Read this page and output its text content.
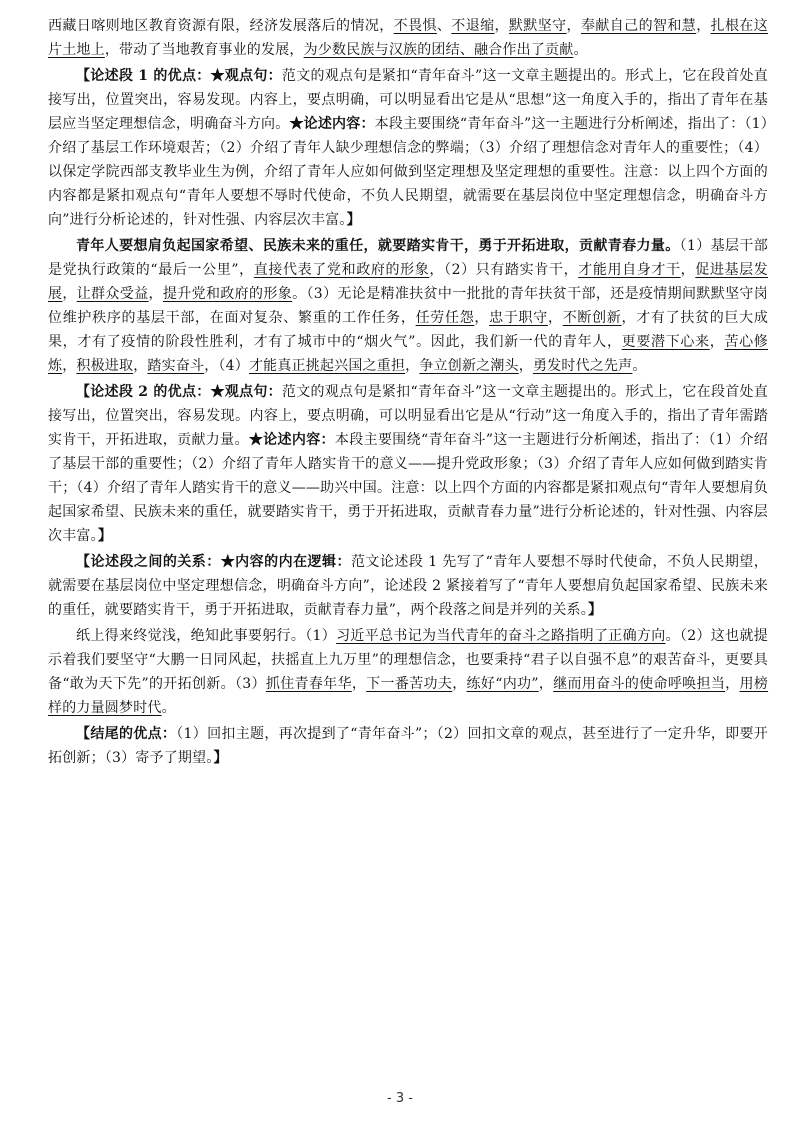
西藏日喀则地区教育资源有限，经济发展落后的情况，不畏惧、不退缩，默默坚守，奉献自己的智和慧，扎根在这片土地上，带动了当地教育事业的发展，为少数民族与汉族的团结、融合作出了贡献。

【论述段 1 的优点：★观点句：范文的观点句是紧扣“青年奋斗”这一文章主题提出的。形式上，它在段首处直接写出，位置突出，容易发现。内容上，要点明确，可以明显看出它是从“思想”这一角度入手的，指出了青年在基层应当坚定理想信念，明确奋斗方向。★论述内容：本段主要围绕“青年奋斗”这一主题进行分析阐述，指出了：（1）介绍了基层工作环境艰苦；（2）介绍了青年人缺少理想信念的弊端；（3）介绍了理想信念对青年人的重要性；（4）以保定学院西部支教毕业生为例，介绍了青年人应如何做到坚定理想及坚定理想的重要性。注意：以上四个方面的内容都是紧扣观点句“青年人要想不辱时代使命，不负人民期望，就需要在基层岗位中坚定理想信念，明确奋斗方向”进行分析论述的，针对性强、内容层次丰富。】

青年人要想肩负起国家希望、民族未来的重任，就要踏实肯干，勇于开拓进取，贡献青春力量。（1）基层干部是党执行政策的“最后一公里”，直接代表了党和政府的形象，（2）只有踏实肯干，才能用自身才干，促进基层发展，让群众受益，提升党和政府的形象。（3）无论是精准扶贫中一批批的青年扶贫干部，还是疫情期间默默坚守岗位维护秩序的基层干部，在面对复杂、繁重的工作任务，任劳任怨，忠于职守，不断创新，才有了扶贫的巨大成果，才有了疫情的阶段性胜利，才有了城市中的“烟火气”。因此，我们新一代的青年人，更要潜下心来，苦心修炼，积极进取，踏实奋斗，（4）才能真正挑起兴国之重担，争立创新之潮头，勇发时代之先声。

【论述段 2 的优点：★观点句：范文的观点句是紧扣“青年奋斗”这一文章主题提出的。形式上，它在段首处直接写出，位置突出，容易发现。内容上，要点明确，可以明显看出它是从“行动”这一角度入手的，指出了青年需踏实肯干，开拓进取，贡献力量。★论述内容：本段主要围绕“青年奋斗”这一主题进行分析阐述，指出了：（1）介绍了基层干部的重要性；（2）介绍了青年人踏实肯干的意义——提升党政形象；（3）介绍了青年人应如何做到踏实肯干；（4）介绍了青年人踏实肯干的意义——助兴中国。注意：以上四个方面的内容都是紧扣观点句“青年人要想肩负起国家希望、民族未来的重任，就要踏实肯干，勇于开拓进取，贡献青春力量”进行分析论述的，针对性强、内容层次丰富。】

【论述段之间的关系：★内容的内在逻辑：范文论述段 1 先写了“青年人要想不辱时代使命，不负人民期望，就需要在基层岗位中坚定理想信念，明确奋斗方向”，论述段 2 紧接着写了“青年人要想肩负起国家希望、民族未来的重任，就要踏实肯干，勇于开拓进取，贡献青春力量”，两个段落之间是并列的关系。】

纸上得来终觉浅，绝知此事要躬行。（1）习近平总书记为当代青年的奋斗之路指明了正确方向。（2）这也就提示着我们要坚守“大鹏一日同风起，扶摇直上九万里”的理想信念，也要秉持“君子以自强不息”的艰苦奋斗，更要具备“敢为天下先”的开拓创新。（3）抓住青春年华，下一番苦功夫，练好“内功”，继而用奋斗的使命呼唤担当，用榜样的力量圆梦时代。

【结尾的优点：（1）回扣主题，再次提到了“青年奋斗”；（2）回扣文章的观点，甚至进行了一定升华，即要开拓创新；（3）寄予了期望。】

- 3 -
